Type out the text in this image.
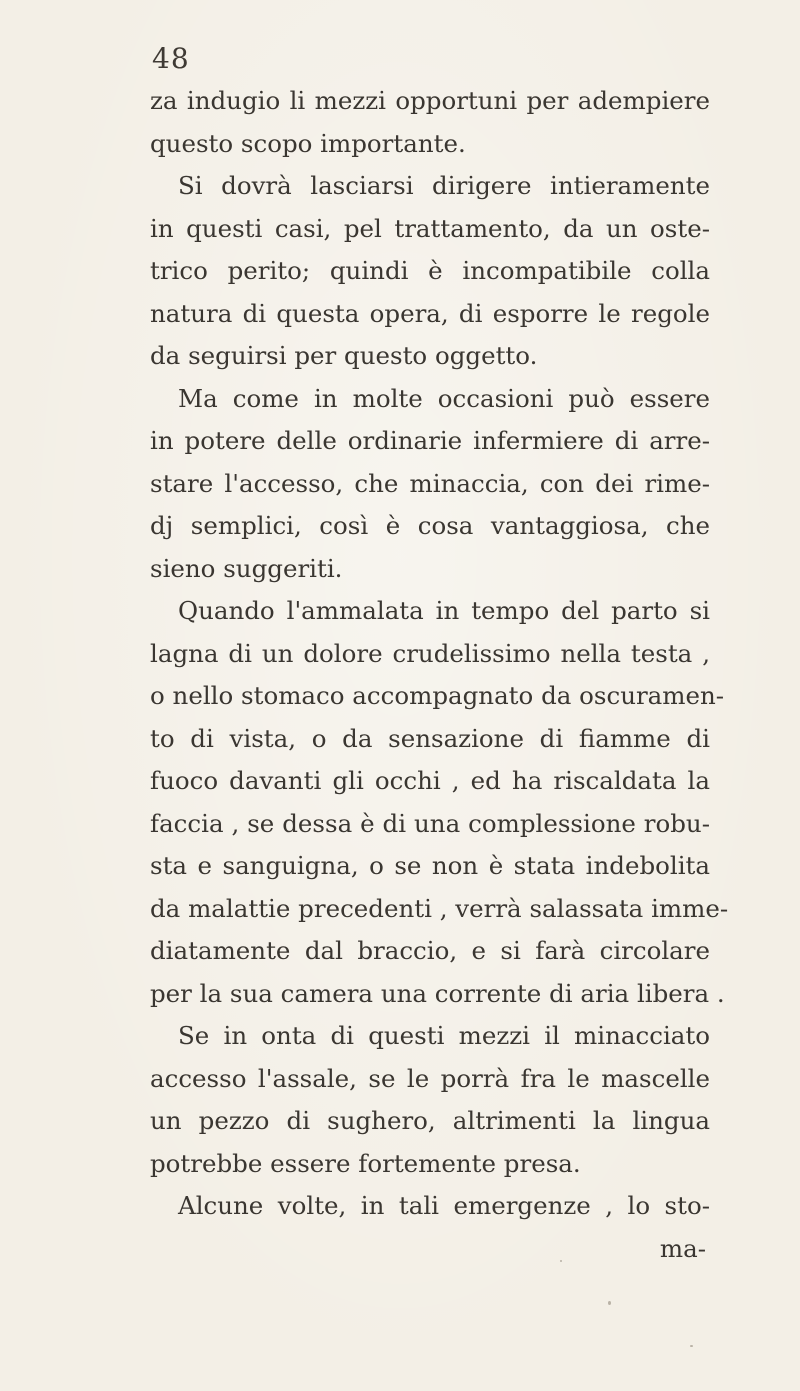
48
za indugio li mezzi opportuni per adempiere
questo scopo importante.
Si dovrà lasciarsi dirigere intieramente
in questi casi, pel trattamento, da un oste-
trico perito; quindi è incompatibile colla
natura di questa opera, di esporre le regole
da seguirsi per questo oggetto.
Ma come in molte occasioni può essere
in potere delle ordinarie infermiere di arre-
stare l'accesso, che minaccia, con dei rime-
dj semplici, così è cosa vantaggiosa, che
sieno suggeriti.
Quando l'ammalata in tempo del parto si
lagna di un dolore crudelissimo nella testa ,
o nello stomaco accompagnato da oscuramen-
to di vista, o da sensazione di fiamme di
fuoco davanti gli occhi , ed ha riscaldata la
faccia , se dessa è di una complessione robu-
sta e sanguigna, o se non è stata indebolita
da malattie precedenti , verrà salassata imme-
diatamente dal braccio, e si farà circolare
per la sua camera una corrente di aria libera .
Se in onta di questi mezzi il minacciato
accesso l'assale, se le porrà fra le mascelle
un pezzo di sughero, altrimenti la lingua
potrebbe essere fortemente presa.
Alcune volte, in tali emergenze , lo sto-
ma-
